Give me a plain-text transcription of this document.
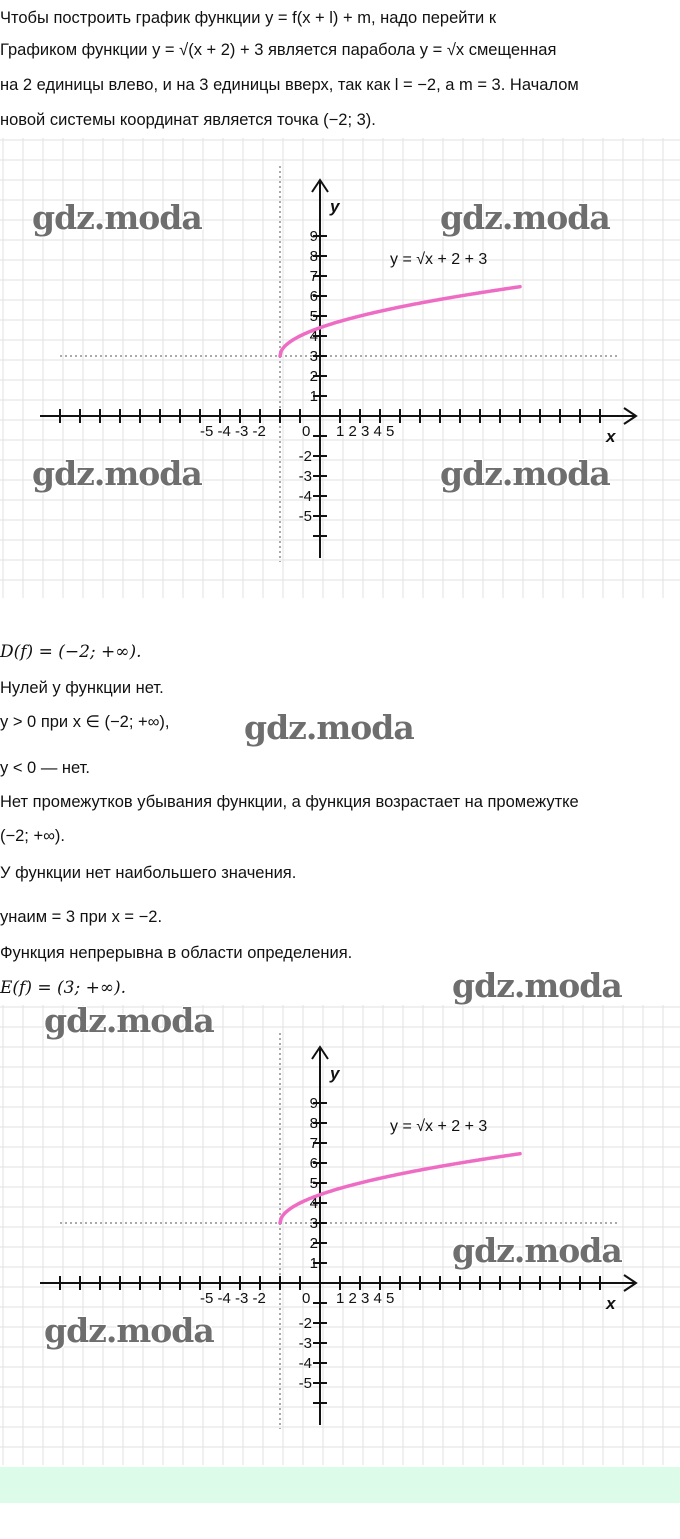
Чтобы построить график функции y = f(x + l) + m, надо перейти к
Графиком функции y = √(x + 2) + 3 является парабола y = √x смещенная
на 2 единицы влево, и на 3 единицы вверх, так как l = −2, а m = 3. Началом
новой системы координат является точка (−2; 3).
-5 -4 -3 -2	1 2 3 4 5
0
9
8
7
6
5
4
3
2
1
-2
-3
-4
-5
y
x
y = √x + 2 + 3
gdz.moda	gdz.moda
gdz.moda	gdz.moda
D(f) = (−2; +∞).
Нулей у функции нет.
y > 0 при x ∈ (−2; +∞), gdz.moda
y < 0 — нет.
Нет промежутков убывания функции, а функция возрастает на промежутке
(−2; +∞).
У функции нет наибольшего значения.
yнаим = 3 при x = −2.
Функция непрерывна в области определения.
E(f) = (3; +∞).	gdz.moda
-5 -4 -3 -2	1 2 3 4 5
0
9
8
7
6
5
4
3
2
1
-2
-3
-4
-5
y
x
y = √x + 2 + 3
gdz.moda
gdz.moda
gdz.moda
